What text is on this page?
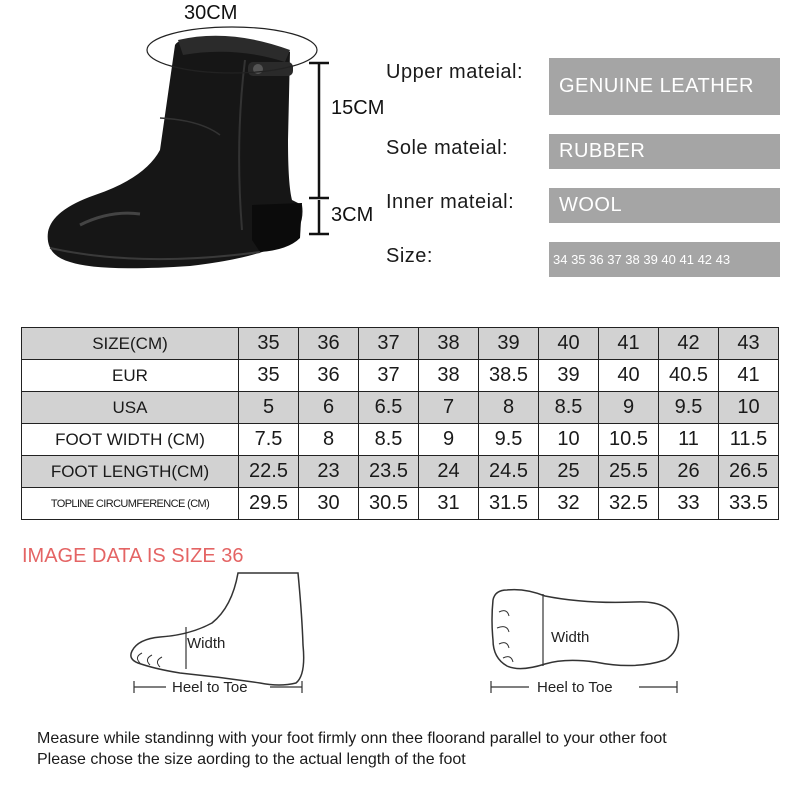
30CM
15CM
3CM
Upper mateial:
GENUINE LEATHER
Sole mateial:	RUBBER
Inner mateial:	WOOL
Size:	34 35 36 37 38 39 40 41 42 43
SIZE(CM)	35	36	37	38	39	40	41	42	43
EUR	35	36	37	38	38.5	39	40	40.5	41
USA	5	6	6.5	7	8	8.5	9	9.5	10
FOOT WIDTH (CM)	7.5	8	8.5	9	9.5	10	10.5	11	11.5
FOOT LENGTH(CM)	22.5	23	23.5	24	24.5	25	25.5	26	26.5
TOPLINE CIRCUMFERENCE (CM)	29.5	30	30.5	31	31.5	32	32.5	33	33.5
IMAGE DATA IS SIZE 36
Width
Heel to Toe
Width
Heel to Toe
Measure while standinng with your foot firmly onn thee floorand parallel to your other foot
Please chose the size aording to the actual length of the foot
